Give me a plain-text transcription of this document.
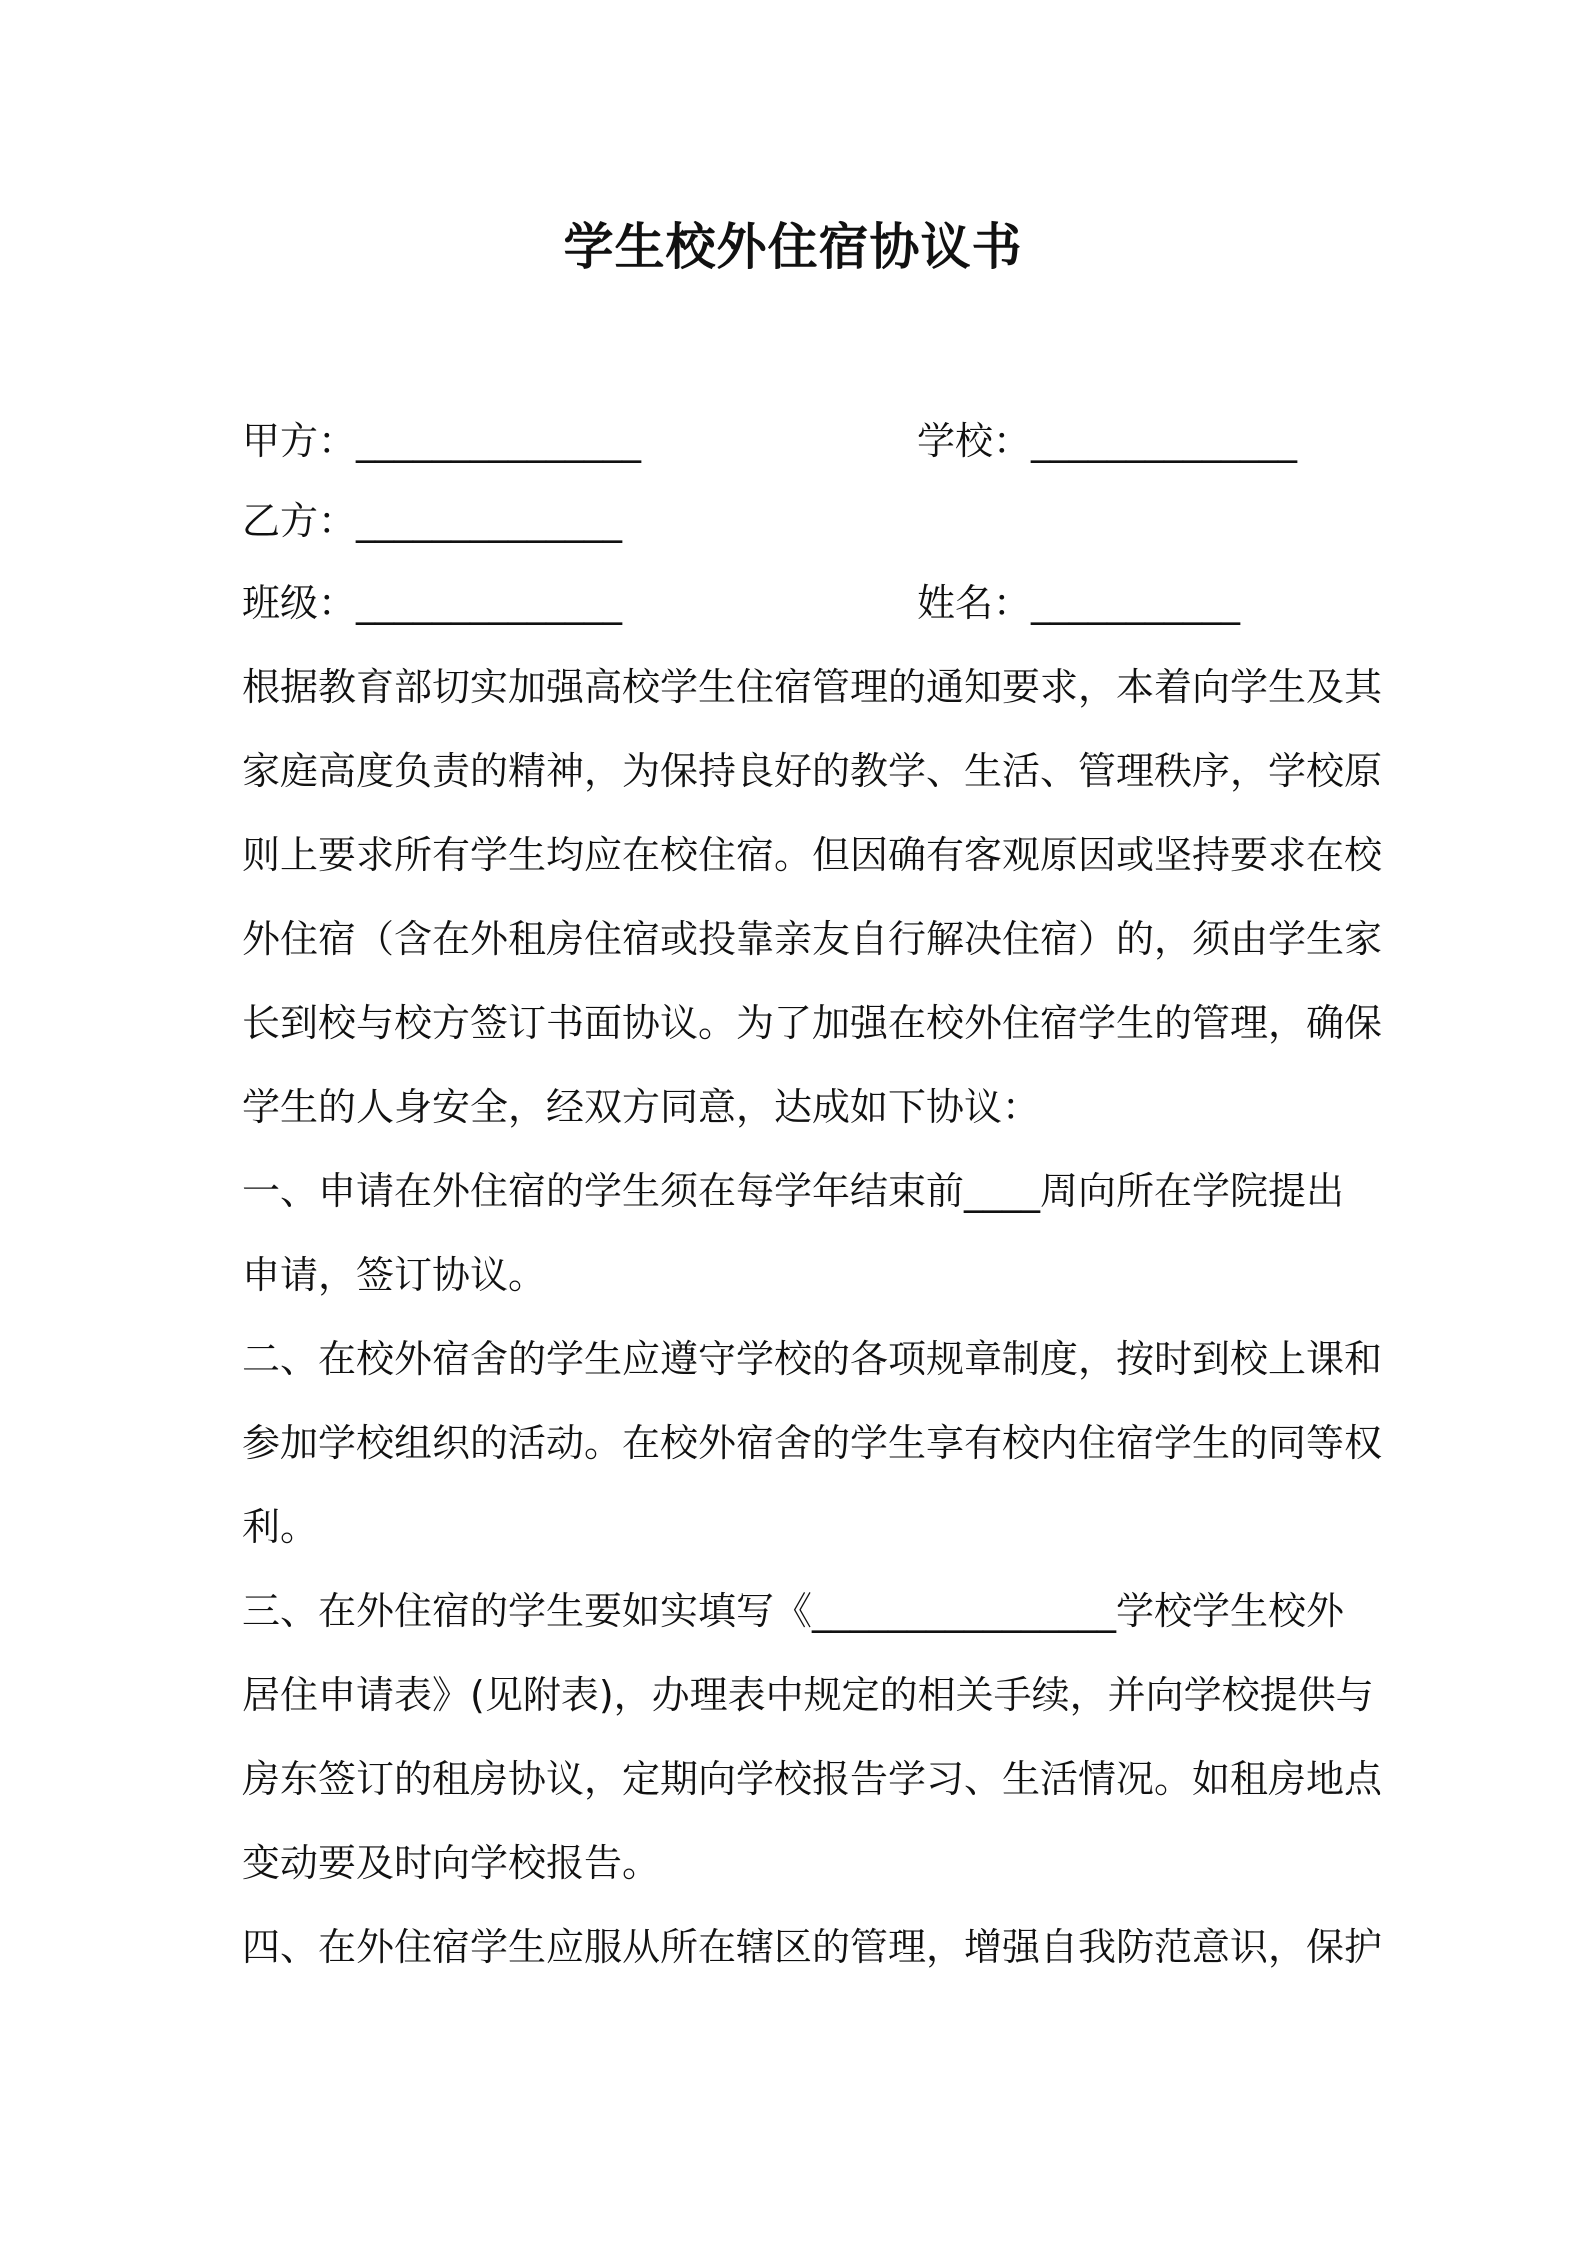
学生校外住宿协议书
甲方：_______________	学校：______________
乙方：______________
班级：______________	姓名：___________
根据教育部切实加强高校学生住宿管理的通知要求，本着向学生及其
家庭高度负责的精神，为保持良好的教学、生活、管理秩序，学校原
则上要求所有学生均应在校住宿。但因确有客观原因或坚持要求在校
外住宿（含在外租房住宿或投靠亲友自行解决住宿）的，须由学生家
长到校与校方签订书面协议。为了加强在校外住宿学生的管理，确保
学生的人身安全，经双方同意，达成如下协议：
一、申请在外住宿的学生须在每学年结束前____周向所在学院提出
申请，签订协议。
二、在校外宿舍的学生应遵守学校的各项规章制度，按时到校上课和
参加学校组织的活动。在校外宿舍的学生享有校内住宿学生的同等权
利。
三、在外住宿的学生要如实填写《________________学校学生校外
居住申请表》(见附表)，办理表中规定的相关手续，并向学校提供与
房东签订的租房协议，定期向学校报告学习、生活情况。如租房地点
变动要及时向学校报告。
四、在外住宿学生应服从所在辖区的管理，增强自我防范意识，保护
